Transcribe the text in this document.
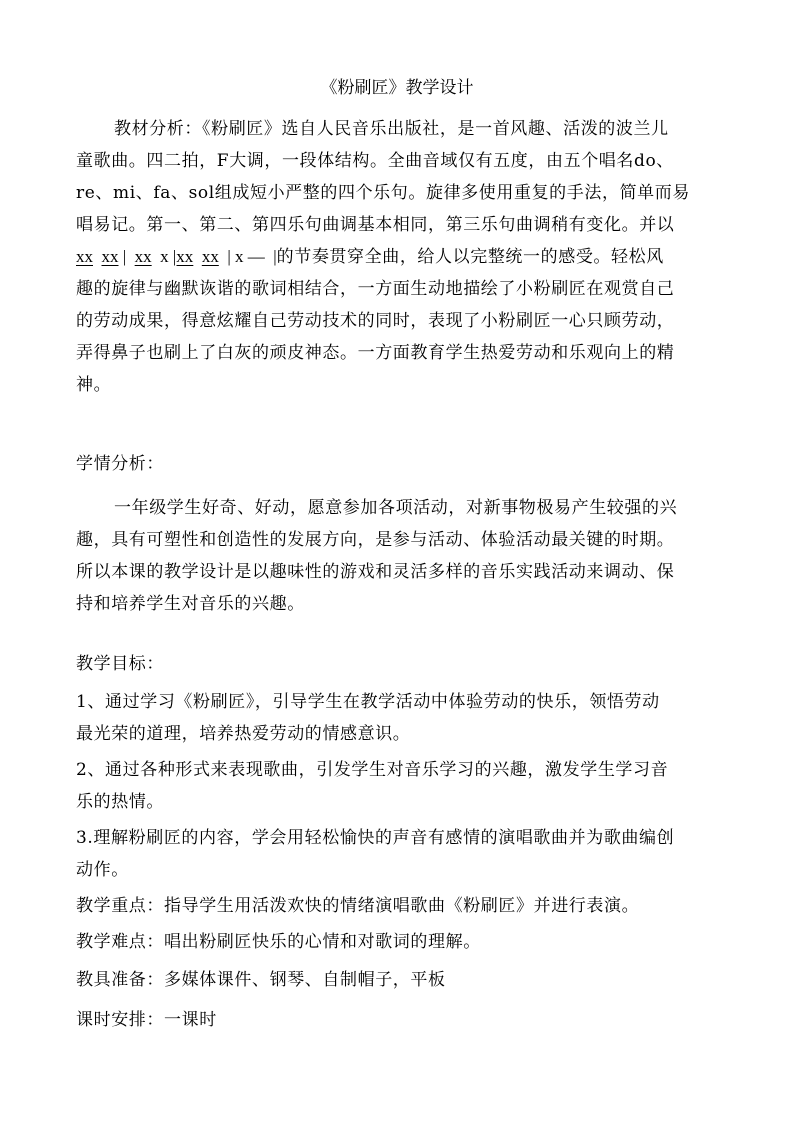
《粉刷匠》教学设计
教材分析：《粉刷匠》选自人民音乐出版社，是一首风趣、活泼的波兰儿
童歌曲。四二拍，F大调，一段体结构。全曲音域仅有五度，由五个唱名do、
re、mi、fa、sol组成短小严整的四个乐句。旋律多使用重复的手法，简单而易
唱易记。第一、第二、第四乐句曲调基本相同，第三乐句曲调稍有变化。并以
xx xx | xx x |xx xx | x — |的节奏贯穿全曲，给人以完整统一的感受。轻松风
趣的旋律与幽默诙谐的歌词相结合，一方面生动地描绘了小粉刷匠在观赏自己
的劳动成果，得意炫耀自己劳动技术的同时，表现了小粉刷匠一心只顾劳动，
弄得鼻子也刷上了白灰的顽皮神态。一方面教育学生热爱劳动和乐观向上的精
神。
学情分析：
一年级学生好奇、好动，愿意参加各项活动，对新事物极易产生较强的兴
趣，具有可塑性和创造性的发展方向，是参与活动、体验活动最关键的时期。
所以本课的教学设计是以趣味性的游戏和灵活多样的音乐实践活动来调动、保
持和培养学生对音乐的兴趣。
教学目标：
1、通过学习《粉刷匠》，引导学生在教学活动中体验劳动的快乐，领悟劳动
最光荣的道理，培养热爱劳动的情感意识。
2、通过各种形式来表现歌曲，引发学生对音乐学习的兴趣，激发学生学习音
乐的热情。
3.理解粉刷匠的内容，学会用轻松愉快的声音有感情的演唱歌曲并为歌曲编创
动作。
教学重点：指导学生用活泼欢快的情绪演唱歌曲《粉刷匠》并进行表演。
教学难点：唱出粉刷匠快乐的心情和对歌词的理解。
教具准备：多媒体课件、钢琴、自制帽子，平板
课时安排：一课时
